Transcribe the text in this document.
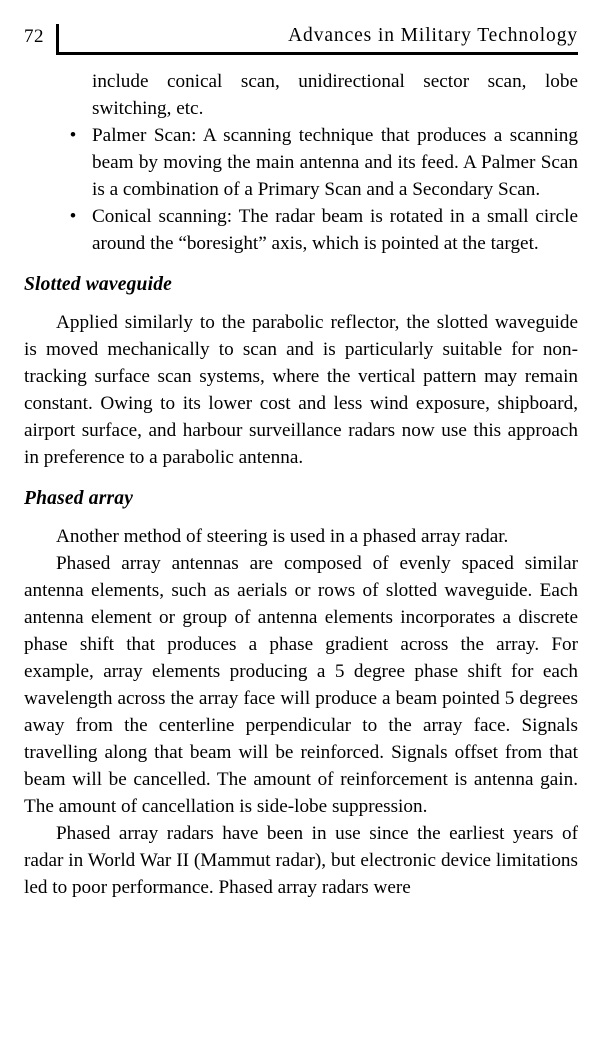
72	Advances in Military Technology

include conical scan, unidirectional sector scan, lobe switching, etc.

• Palmer Scan: A scanning technique that produces a scanning beam by moving the main antenna and its feed. A Palmer Scan is a combination of a Primary Scan and a Secondary Scan.
• Conical scanning: The radar beam is rotated in a small circle around the “boresight” axis, which is pointed at the target.
Slotted waveguide

Applied similarly to the parabolic reflector, the slotted waveguide is moved mechanically to scan and is particularly suitable for non-tracking surface scan systems, where the vertical pattern may remain constant. Owing to its lower cost and less wind exposure, shipboard, airport surface, and harbour surveillance radars now use this approach in preference to a parabolic antenna.

Phased array

Another method of steering is used in a phased array radar.

Phased array antennas are composed of evenly spaced similar antenna elements, such as aerials or rows of slotted waveguide. Each antenna element or group of antenna elements incorporates a discrete phase shift that produces a phase gradient across the array. For example, array elements producing a 5 degree phase shift for each wavelength across the array face will produce a beam pointed 5 degrees away from the centerline perpendicular to the array face. Signals travelling along that beam will be reinforced. Signals offset from that beam will be cancelled. The amount of reinforcement is antenna gain. The amount of cancellation is side-lobe suppression.

Phased array radars have been in use since the earliest years of radar in World War II (Mammut radar), but electronic device limitations led to poor performance. Phased array radars were
